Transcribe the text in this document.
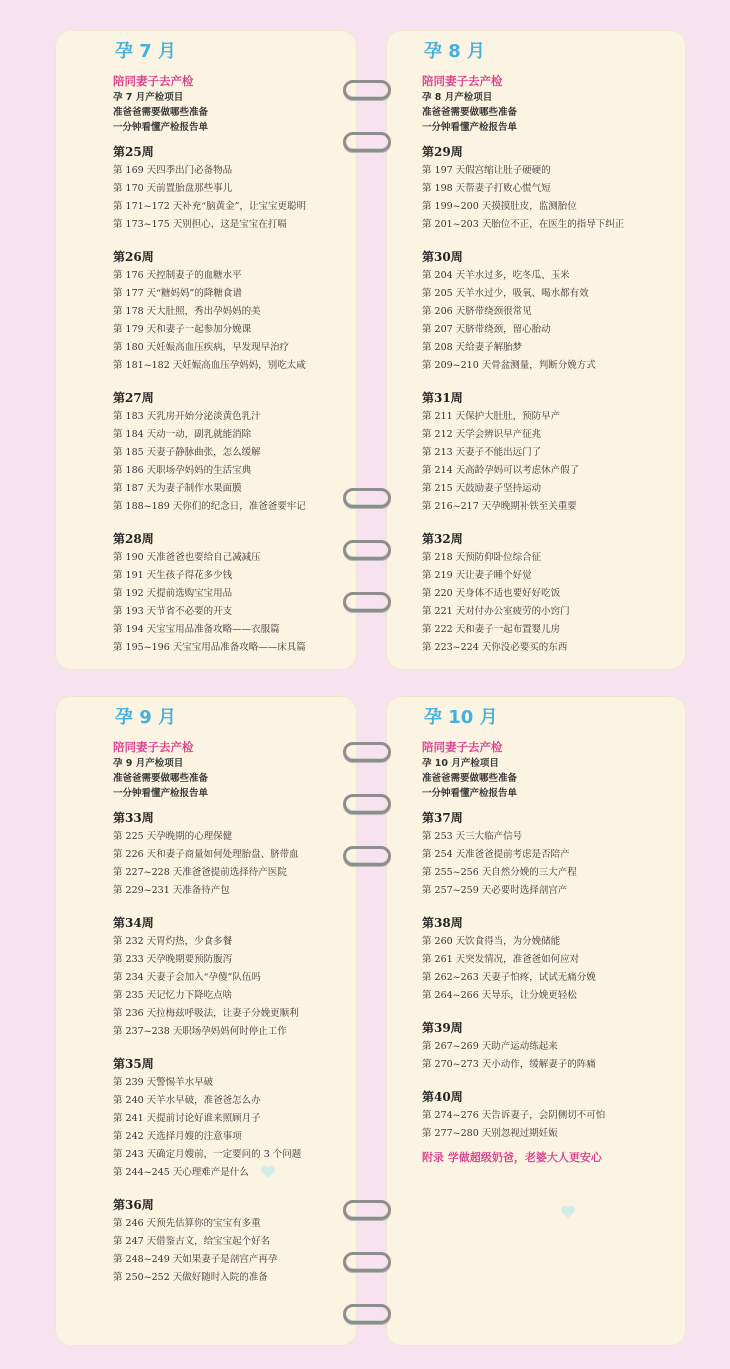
孕 7 月
陪同妻子去产检
孕 7 月产检项目
准爸爸需要做哪些准备
一分钟看懂产检报告单
第25周
第 169 天四季出门必备物品
第 170 天前置胎盘那些事儿
第 171~172 天补充“脑黄金”，让宝宝更聪明
第 173~175 天别担心，这是宝宝在打嗝
第26周
第 176 天控制妻子的血糖水平
第 177 天“糖妈妈”的降糖食谱
第 178 天大肚照，秀出孕妈妈的美
第 179 天和妻子一起参加分娩课
第 180 天妊娠高血压疾病，早发现早治疗
第 181~182 天妊娠高血压孕妈妈，别吃太咸
第27周
第 183 天乳房开始分泌淡黄色乳汁
第 184 天动一动，副乳就能消除
第 185 天妻子静脉曲张，怎么缓解
第 186 天职场孕妈妈的生活宝典
第 187 天为妻子制作水果面膜
第 188~189 天你们的纪念日，准爸爸要牢记
第28周
第 190 天准爸爸也要给自己减减压
第 191 天生孩子得花多少钱
第 192 天提前选购宝宝用品
第 193 天节省不必要的开支
第 194 天宝宝用品准备攻略——衣服篇
第 195~196 天宝宝用品准备攻略——床具篇
孕 8 月
陪同妻子去产检
孕 8 月产检项目
准爸爸需要做哪些准备
一分钟看懂产检报告单
第29周
第 197 天假宫缩让肚子硬硬的
第 198 天帮妻子打败心慌气短
第 199~200 天摸摸肚皮，监测胎位
第 201~203 天胎位不正，在医生的指导下纠正
第30周
第 204 天羊水过多，吃冬瓜、玉米
第 205 天羊水过少，吸氧、喝水都有效
第 206 天脐带绕颈很常见
第 207 天脐带绕颈，留心胎动
第 208 天给妻子解胎梦
第 209~210 天骨盆测量，判断分娩方式
第31周
第 211 天保护大肚肚，预防早产
第 212 天学会辨识早产征兆
第 213 天妻子不能出远门了
第 214 天高龄孕妈可以考虑休产假了
第 215 天鼓励妻子坚持运动
第 216~217 天孕晚期补铁至关重要
第32周
第 218 天预防仰卧位综合征
第 219 天让妻子睡个好觉
第 220 天身体不适也要好好吃饭
第 221 天对付办公室疲劳的小窍门
第 222 天和妻子一起布置婴儿房
第 223~224 天你没必要买的东西
孕 9 月
陪同妻子去产检
孕 9 月产检项目
准爸爸需要做哪些准备
一分钟看懂产检报告单
第33周
第 225 天孕晚期的心理保健
第 226 天和妻子商量如何处理胎盘、脐带血
第 227~228 天准爸爸提前选择待产医院
第 229~231 天准备待产包
第34周
第 232 天胃灼热，少食多餐
第 233 天孕晚期要预防腹泻
第 234 天妻子会加入“孕傻”队伍吗
第 235 天记忆力下降吃点啥
第 236 天拉梅兹呼吸法，让妻子分娩更顺利
第 237~238 天职场孕妈妈何时停止工作
第35周
第 239 天警惕羊水早破
第 240 天羊水早破，准爸爸怎么办
第 241 天提前讨论好谁来照顾月子
第 242 天选择月嫂的注意事项
第 243 天确定月嫂前，一定要问的 3 个问题
第 244~245 天心理难产是什么
第36周
第 246 天预先估算你的宝宝有多重
第 247 天借鉴古文，给宝宝起个好名
第 248~249 天如果妻子是剖宫产再孕
第 250~252 天做好随时入院的准备
孕 10 月
陪同妻子去产检
孕 10 月产检项目
准爸爸需要做哪些准备
一分钟看懂产检报告单
第37周
第 253 天三大临产信号
第 254 天准爸爸提前考虑是否陪产
第 255~256 天自然分娩的三大产程
第 257~259 天必要时选择剖宫产
第38周
第 260 天饮食得当，为分娩储能
第 261 天突发情况，准爸爸如何应对
第 262~263 天妻子怕疼，试试无痛分娩
第 264~266 天导乐，让分娩更轻松
第39周
第 267~269 天助产运动练起来
第 270~273 天小动作，缓解妻子的阵痛
第40周
第 274~276 天告诉妻子，会阴侧切不可怕
第 277~280 天别忽视过期妊娠
附录 学做超级奶爸，老婆大人更安心
